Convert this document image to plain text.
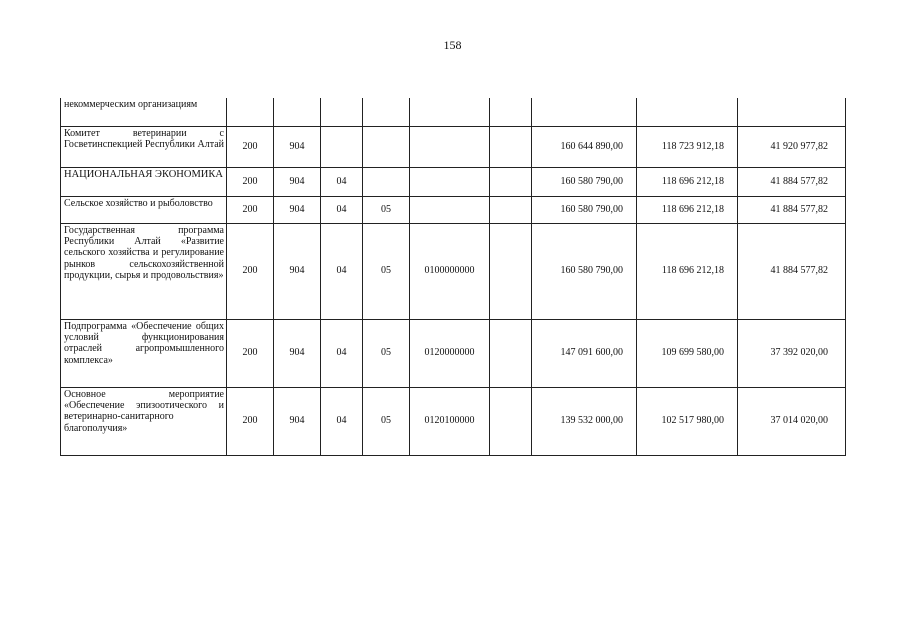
158
некоммерческим организациям									
Комитет ветеринарии с Госветинспекцией Республики Алтай	200	904					160 644 890,00	118 723 912,18	41 920 977,82
НАЦИОНАЛЬНАЯ ЭКОНОМИКА	200	904	04				160 580 790,00	118 696 212,18	41 884 577,82
Сельское хозяйство и рыболовство	200	904	04	05			160 580 790,00	118 696 212,18	41 884 577,82
Государственная программа Республики Алтай «Развитие сельского хозяйства и регулирование рынков сельскохозяйственной продукции, сырья и продовольствия»	200	904	04	05	0100000000		160 580 790,00	118 696 212,18	41 884 577,82
Подпрограмма «Обеспечение общих условий функционирования отраслей агропромышленного комплекса»	200	904	04	05	0120000000		147 091 600,00	109 699 580,00	37 392 020,00
Основное мероприятие «Обеспечение эпизоотического и ветеринарно-санитарного благополучия»	200	904	04	05	0120100000		139 532 000,00	102 517 980,00	37 014 020,00
